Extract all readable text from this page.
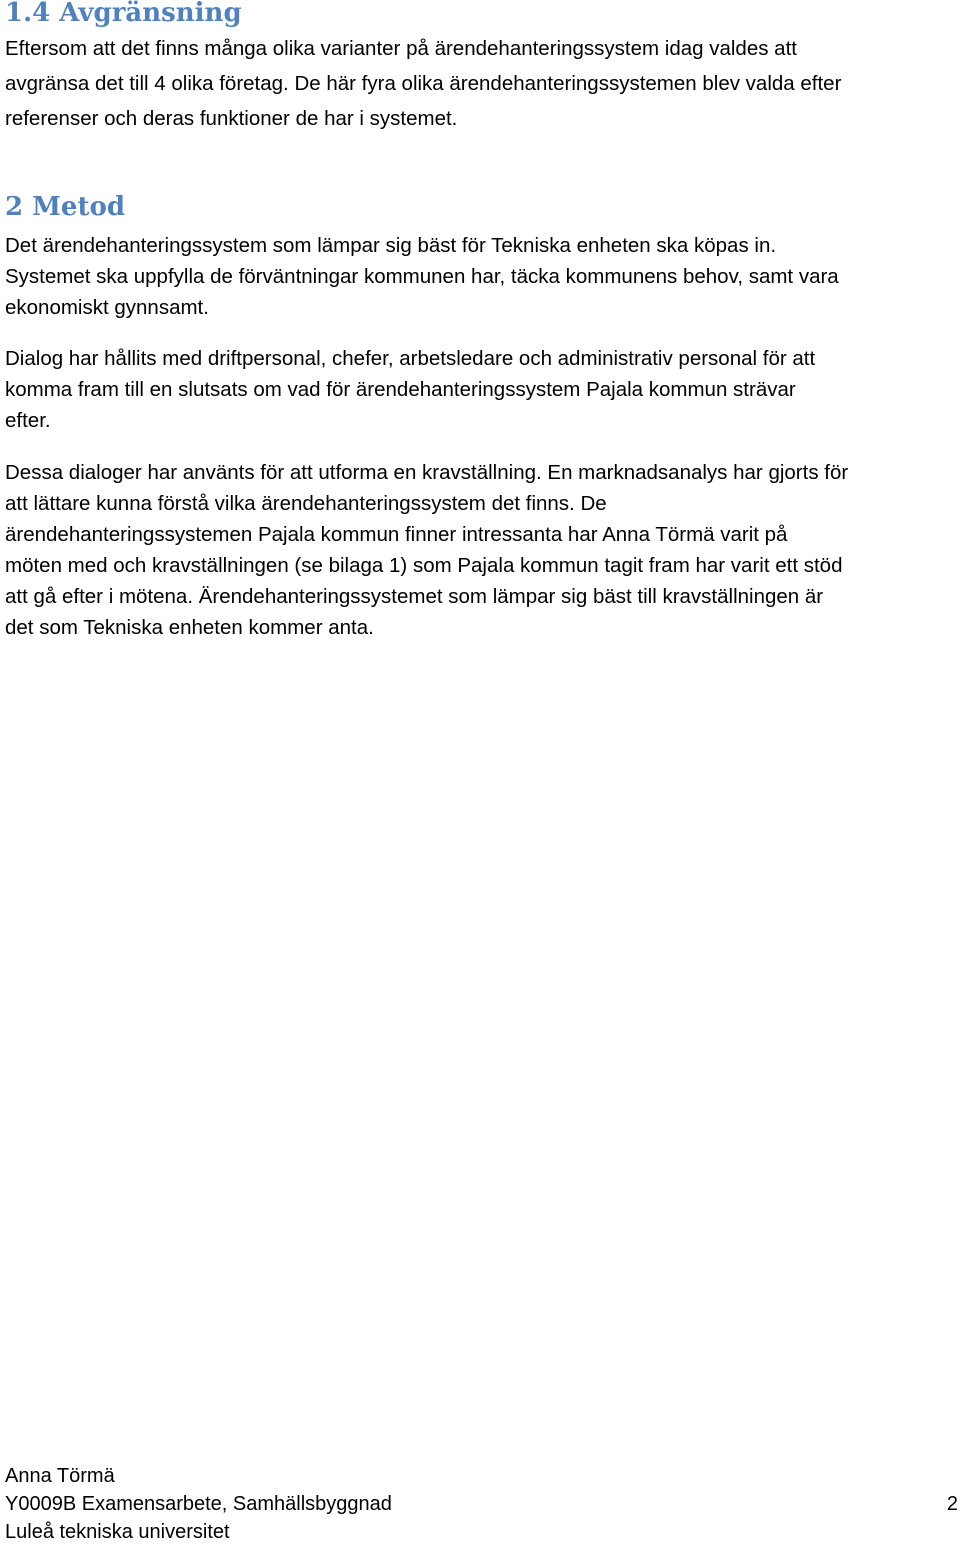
1.4 Avgränsning
Eftersom att det finns många olika varianter på ärendehanteringssystem idag valdes att
avgränsa det till 4 olika företag. De här fyra olika ärendehanteringssystemen blev valda efter
referenser och deras funktioner de har i systemet.
2 Metod
Det ärendehanteringssystem som lämpar sig bäst för Tekniska enheten ska köpas in.
Systemet ska uppfylla de förväntningar kommunen har, täcka kommunens behov, samt vara
ekonomiskt gynnsamt.
Dialog har hållits med driftpersonal, chefer, arbetsledare och administrativ personal för att
komma fram till en slutsats om vad för ärendehanteringssystem Pajala kommun strävar
efter.
Dessa dialoger har använts för att utforma en kravställning. En marknadsanalys har gjorts för
att lättare kunna förstå vilka ärendehanteringssystem det finns. De
ärendehanteringssystemen Pajala kommun finner intressanta har Anna Törmä varit på
möten med och kravställningen (se bilaga 1) som Pajala kommun tagit fram har varit ett stöd
att gå efter i mötena. Ärendehanteringssystemet som lämpar sig bäst till kravställningen är
det som Tekniska enheten kommer anta.
Anna Törmä
Y0009B Examensarbete, Samhällsbyggnad	2
Luleå tekniska universitet
